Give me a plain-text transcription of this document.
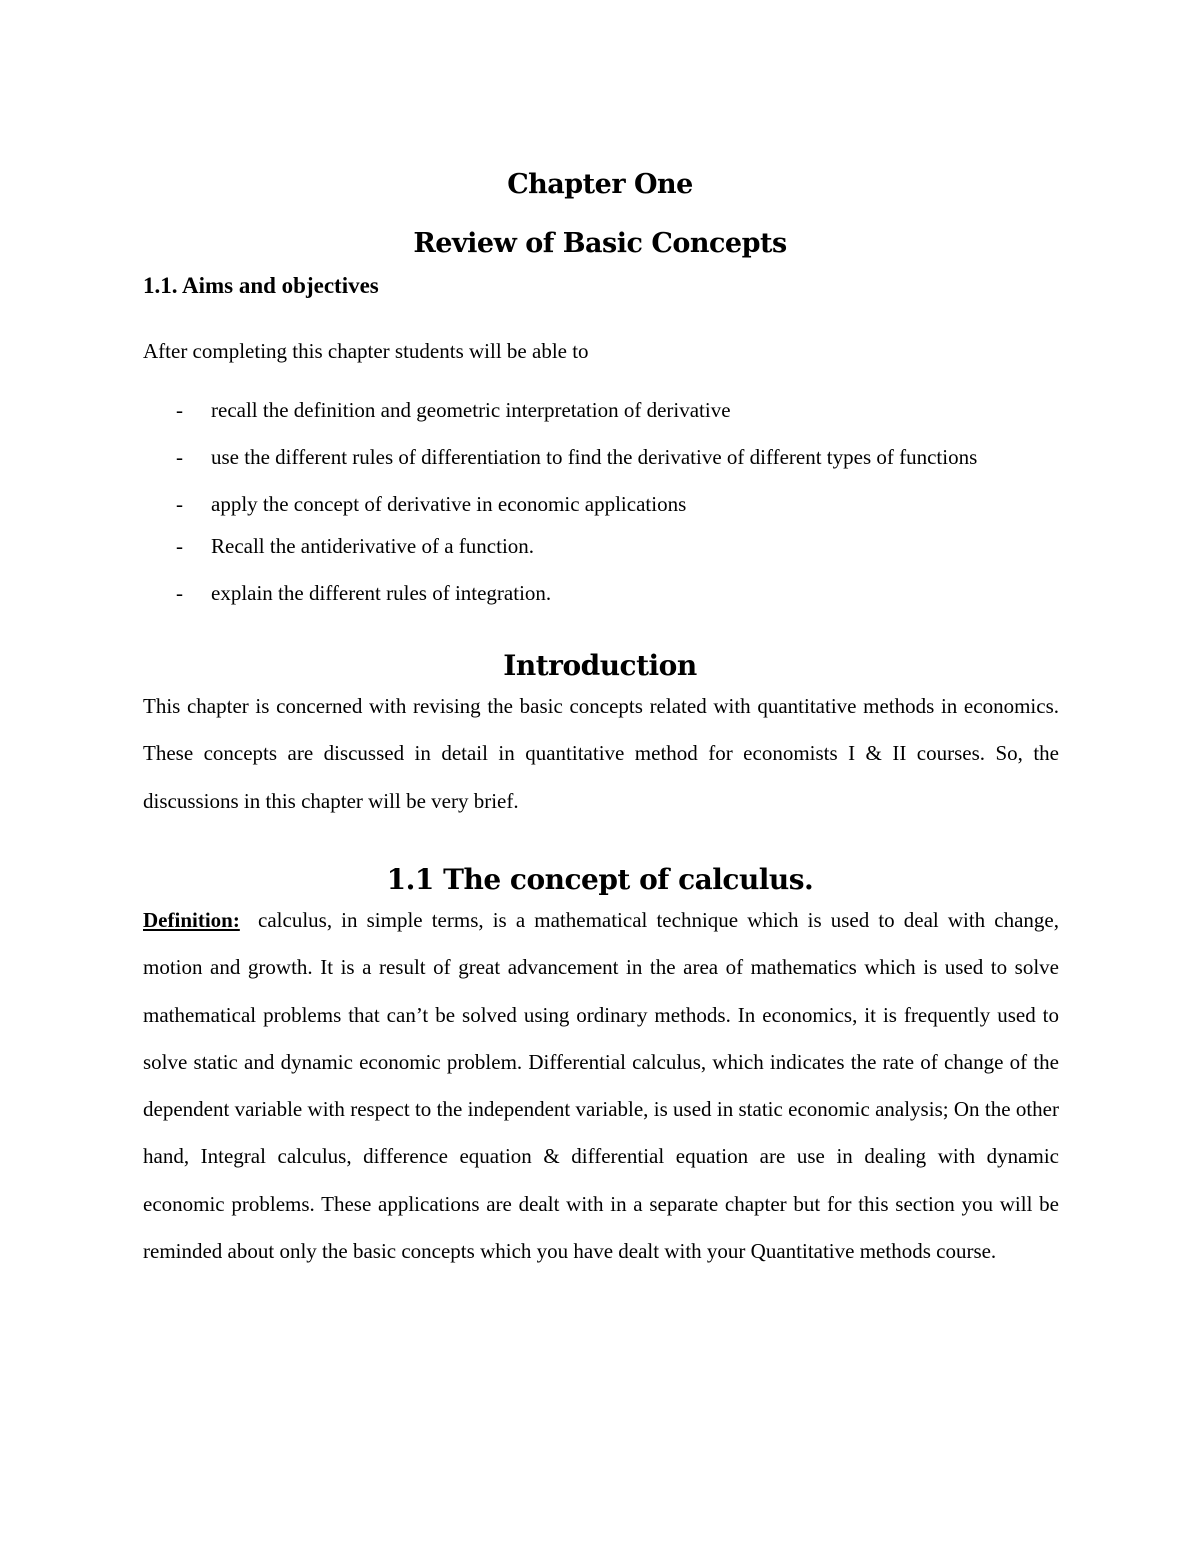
Chapter One
Review of Basic Concepts
1.1. Aims and objectives

After completing this chapter students will be able to

- recall the definition and geometric interpretation of derivative
- use the different rules of differentiation to find the derivative of different types of functions
- apply the concept of derivative in economic applications
- Recall the antiderivative of a function.
- explain the different rules of integration.
Introduction

This chapter is concerned with revising the basic concepts related with quantitative methods in economics. These concepts are discussed in detail in quantitative method for economists I & II courses. So, the discussions in this chapter will be very brief.

1.1 The concept of calculus.

Definition: calculus, in simple terms, is a mathematical technique which is used to deal with change, motion and growth. It is a result of great advancement in the area of mathematics which is used to solve mathematical problems that can’t be solved using ordinary methods. In economics, it is frequently used to solve static and dynamic economic problem. Differential calculus, which indicates the rate of change of the dependent variable with respect to the independent variable, is used in static economic analysis; On the other hand, Integral calculus, difference equation & differential equation are use in dealing with dynamic economic problems. These applications are dealt with in a separate chapter but for this section you will be reminded about only the basic concepts which you have dealt with your Quantitative methods course.
